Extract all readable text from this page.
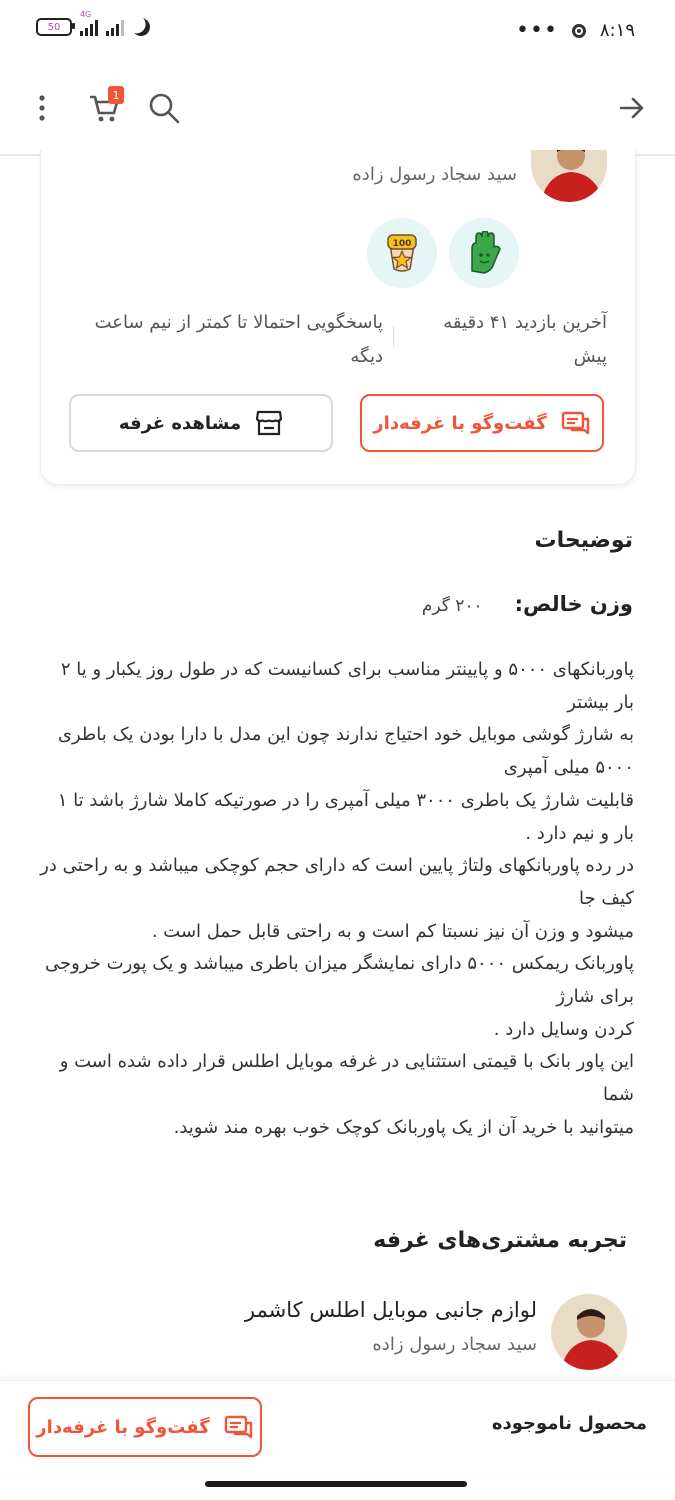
50
4G
••• ۸:۱۹
1
سید سجاد رسول زاده
100
آخرین بازدید ۴۱ دقیقه پیش
پاسخگویی احتمالا تا کمتر از نیم ساعت دیگه
گفت‌وگو با غرفه‌دار
مشاهده غرفه
توضیحات
وزن خالص:
۲۰۰ گرم
پاوربانکهای ۵۰۰۰ و پایینتر مناسب برای کسانیست که در طول روز یکبار و یا ۲ بار بیشتر
به شارژ گوشی موبایل خود احتیاج ندارند چون این مدل با دارا بودن یک باطری ۵۰۰۰ میلی آمپری
قابلیت شارژ یک باطری ۳۰۰۰ میلی آمپری را در صورتیکه کاملا شارژ باشد تا ۱ بار و نیم دارد .
در رده پاوربانکهای ولتاژ پایین است که دارای حجم کوچکی میباشد و به راحتی در کیف جا
میشود و وزن آن نیز نسبتا کم است و به راحتی قابل حمل است .
پاوربانک ریمکس ۵۰۰۰ دارای نمایشگر میزان باطری میباشد و یک پورت خروجی برای شارژ
کردن وسایل دارد .
این پاور بانک با قیمتی استثنایی در غرفه موبایل اطلس قرار داده شده است و شما
میتوانید با خرید آن از یک پاوربانک کوچک خوب بهره مند شوید.
تجربه مشتری‌های غرفه
لوازم جانبی موبایل اطلس کاشمر
سید سجاد رسول زاده
محصول ناموجوده
گفت‌وگو با غرفه‌دار
